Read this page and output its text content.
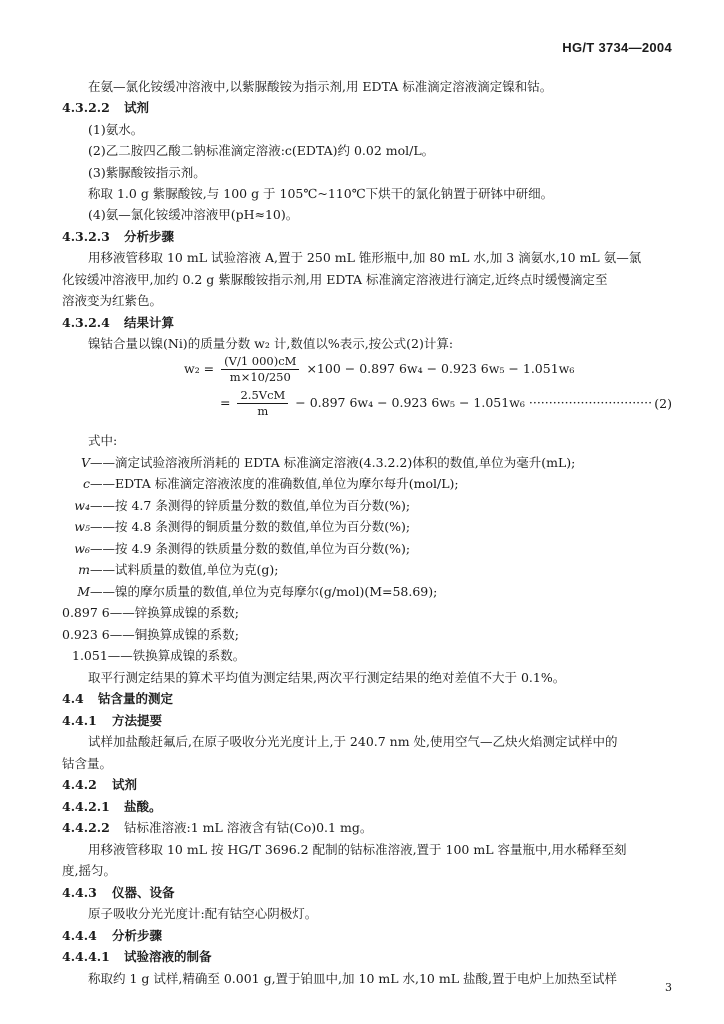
HG/T 3734—2004
在氨—氯化铵缓冲溶液中,以紫脲酸铵为指示剂,用 EDTA 标准滴定溶液滴定镍和钴。
4.3.2.2 试剂
(1)氨水。
(2)乙二胺四乙酸二钠标准滴定溶液:c(EDTA)约 0.02 mol/L。
(3)紫脲酸铵指示剂。
称取 1.0 g 紫脲酸铵,与 100 g 于 105℃~110℃下烘干的氯化钠置于研钵中研细。
(4)氨—氯化铵缓冲溶液甲(pH≈10)。
4.3.2.3 分析步骤
用移液管移取 10 mL 试验溶液 A,置于 250 mL 锥形瓶中,加 80 mL 水,加 3 滴氨水,10 mL 氨—氯
化铵缓冲溶液甲,加约 0.2 g 紫脲酸铵指示剂,用 EDTA 标准滴定溶液进行滴定,近终点时缓慢滴定至
溶液变为红紫色。
4.3.2.4 结果计算
镍钴合量以镍(Ni)的质量分数 w₂ 计,数值以%表示,按公式(2)计算:
$w_2 = \frac{(V/1 000)cM}{m\times 10/250} \times 100 - 0.897$ 6w₄ − 0.923 6w₅ − 1.051w₆
= $\frac{\text{2.5VcM}}{m} - 0.897$ 6w₄ − 0.923 6w₅ − 1.051w₆ ······························· (2)
式中:
V——滴定试验溶液所消耗的 EDTA 标准滴定溶液(4.3.2.2)体积的数值,单位为毫升(mL);
c——EDTA 标准滴定溶液浓度的准确数值,单位为摩尔每升(mol/L);
w₄——按 4.7 条测得的锌质量分数的数值,单位为百分数(%);
w₅——按 4.8 条测得的铜质量分数的数值,单位为百分数(%);
w₆——按 4.9 条测得的铁质量分数的数值,单位为百分数(%);
m——试料质量的数值,单位为克(g);
M——镍的摩尔质量的数值,单位为克每摩尔(g/mol)(M=58.69);
0.897 6——锌换算成镍的系数;
0.923 6——铜换算成镍的系数;
1.051——铁换算成镍的系数。
取平行测定结果的算术平均值为测定结果,两次平行测定结果的绝对差值不大于 0.1%。
4.4 钴含量的测定
4.4.1 方法提要
试样加盐酸赶氟后,在原子吸收分光光度计上,于 240.7 nm 处,使用空气—乙炔火焰测定试样中的
钴含量。
4.4.2 试剂
4.4.2.1 盐酸。
4.4.2.2 钴标准溶液:1 mL 溶液含有钴(Co)0.1 mg。
用移液管移取 10 mL 按 HG/T 3696.2 配制的钴标准溶液,置于 100 mL 容量瓶中,用水稀释至刻
度,摇匀。
4.4.3 仪器、设备
原子吸收分光光度计:配有钴空心阴极灯。
4.4.4 分析步骤
4.4.4.1 试验溶液的制备
称取约 1 g 试样,精确至 0.001 g,置于铂皿中,加 10 mL 水,10 mL 盐酸,置于电炉上加热至试样
3
